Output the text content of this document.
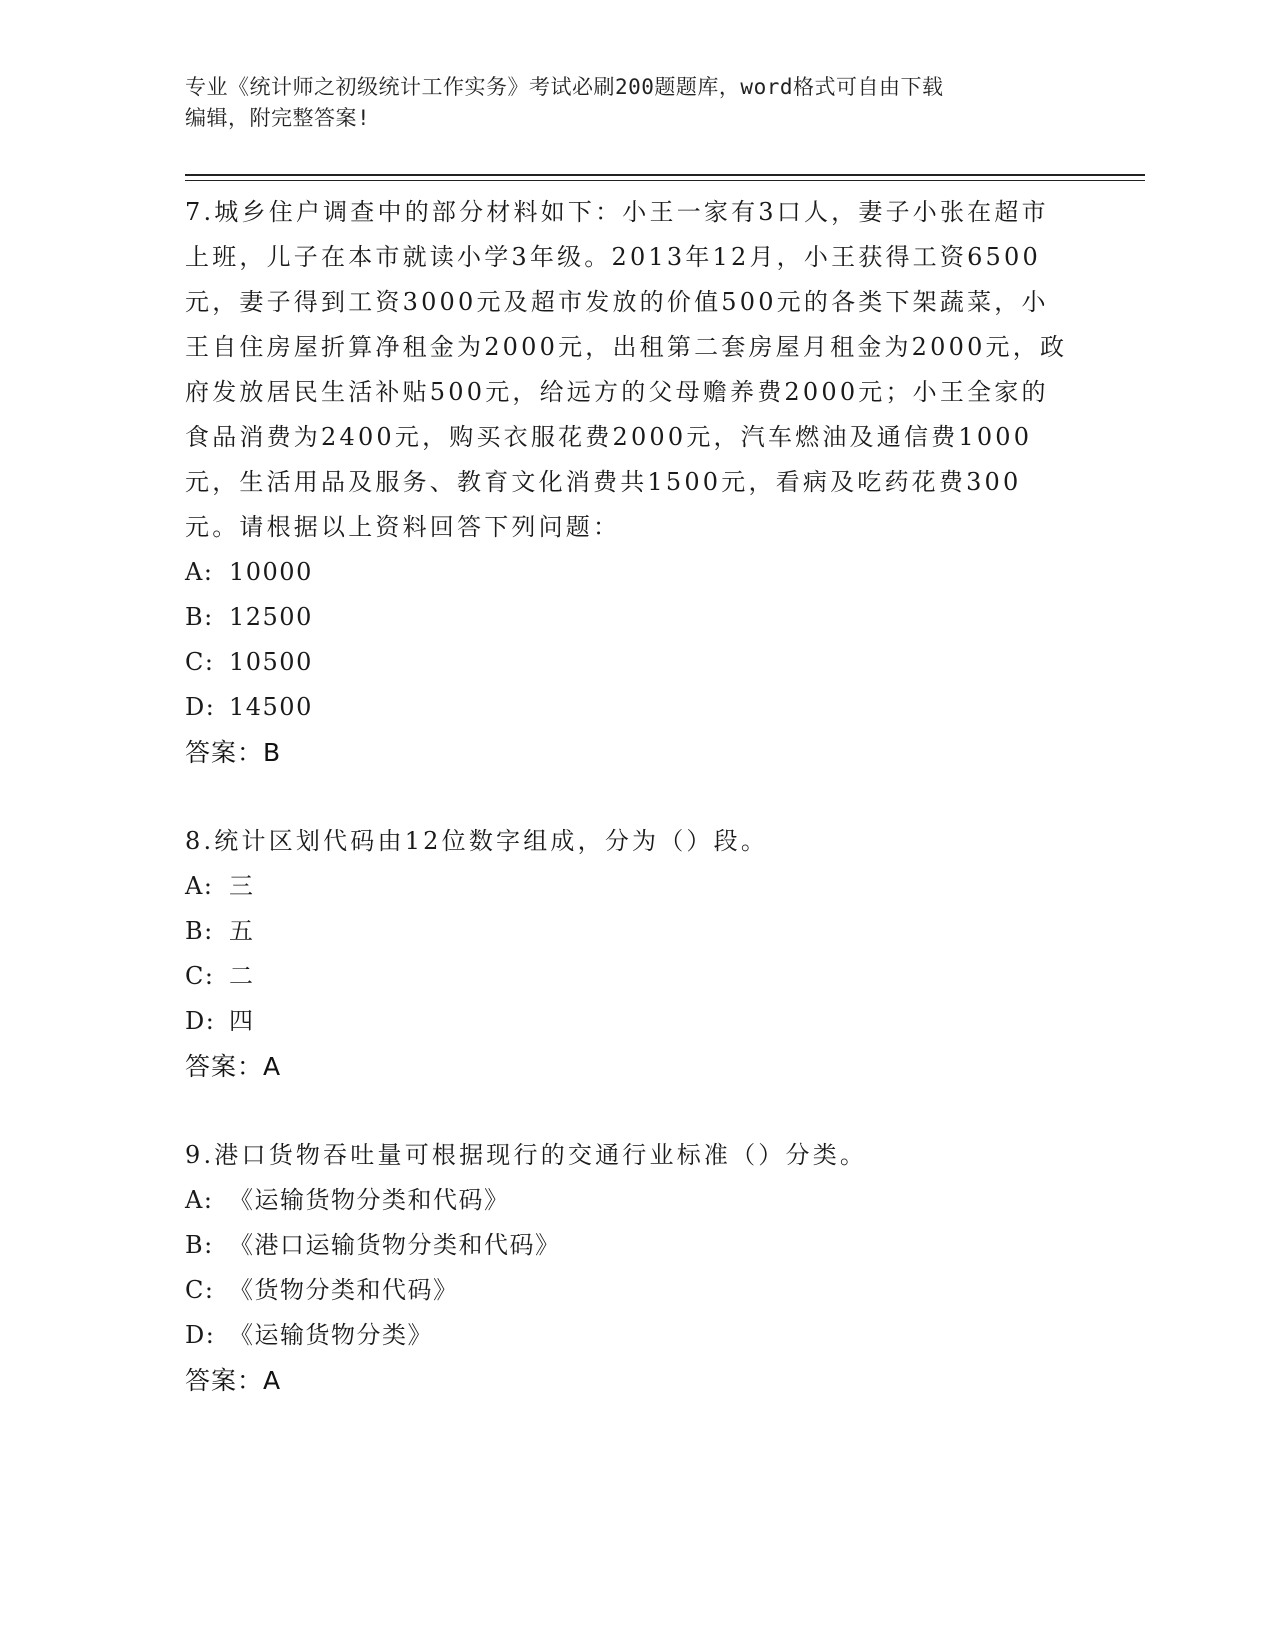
专业《统计师之初级统计工作实务》考试必刷200题题库，word格式可自由下载
编辑，附完整答案!
7.城乡住户调查中的部分材料如下：小王一家有3口人，妻子小张在超市上班，儿子在本市就读小学3年级。2013年12月，小王获得工资6500元，妻子得到工资3000元及超市发放的价值500元的各类下架蔬菜，小王自住房屋折算净租金为2000元，出租第二套房屋月租金为2000元，政府发放居民生活补贴500元，给远方的父母赡养费2000元；小王全家的食品消费为2400元，购买衣服花费2000元，汽车燃油及通信费1000元，生活用品及服务、教育文化消费共1500元，看病及吃药花费300元。请根据以上资料回答下列问题：
A: 10000
B: 12500
C: 10500
D: 14500
答案：B
8.统计区划代码由12位数字组成，分为（）段。
A: 三
B: 五
C: 二
D: 四
答案：A
9.港口货物吞吐量可根据现行的交通行业标准（）分类。
A: 《运输货物分类和代码》
B: 《港口运输货物分类和代码》
C: 《货物分类和代码》
D: 《运输货物分类》
答案：A
